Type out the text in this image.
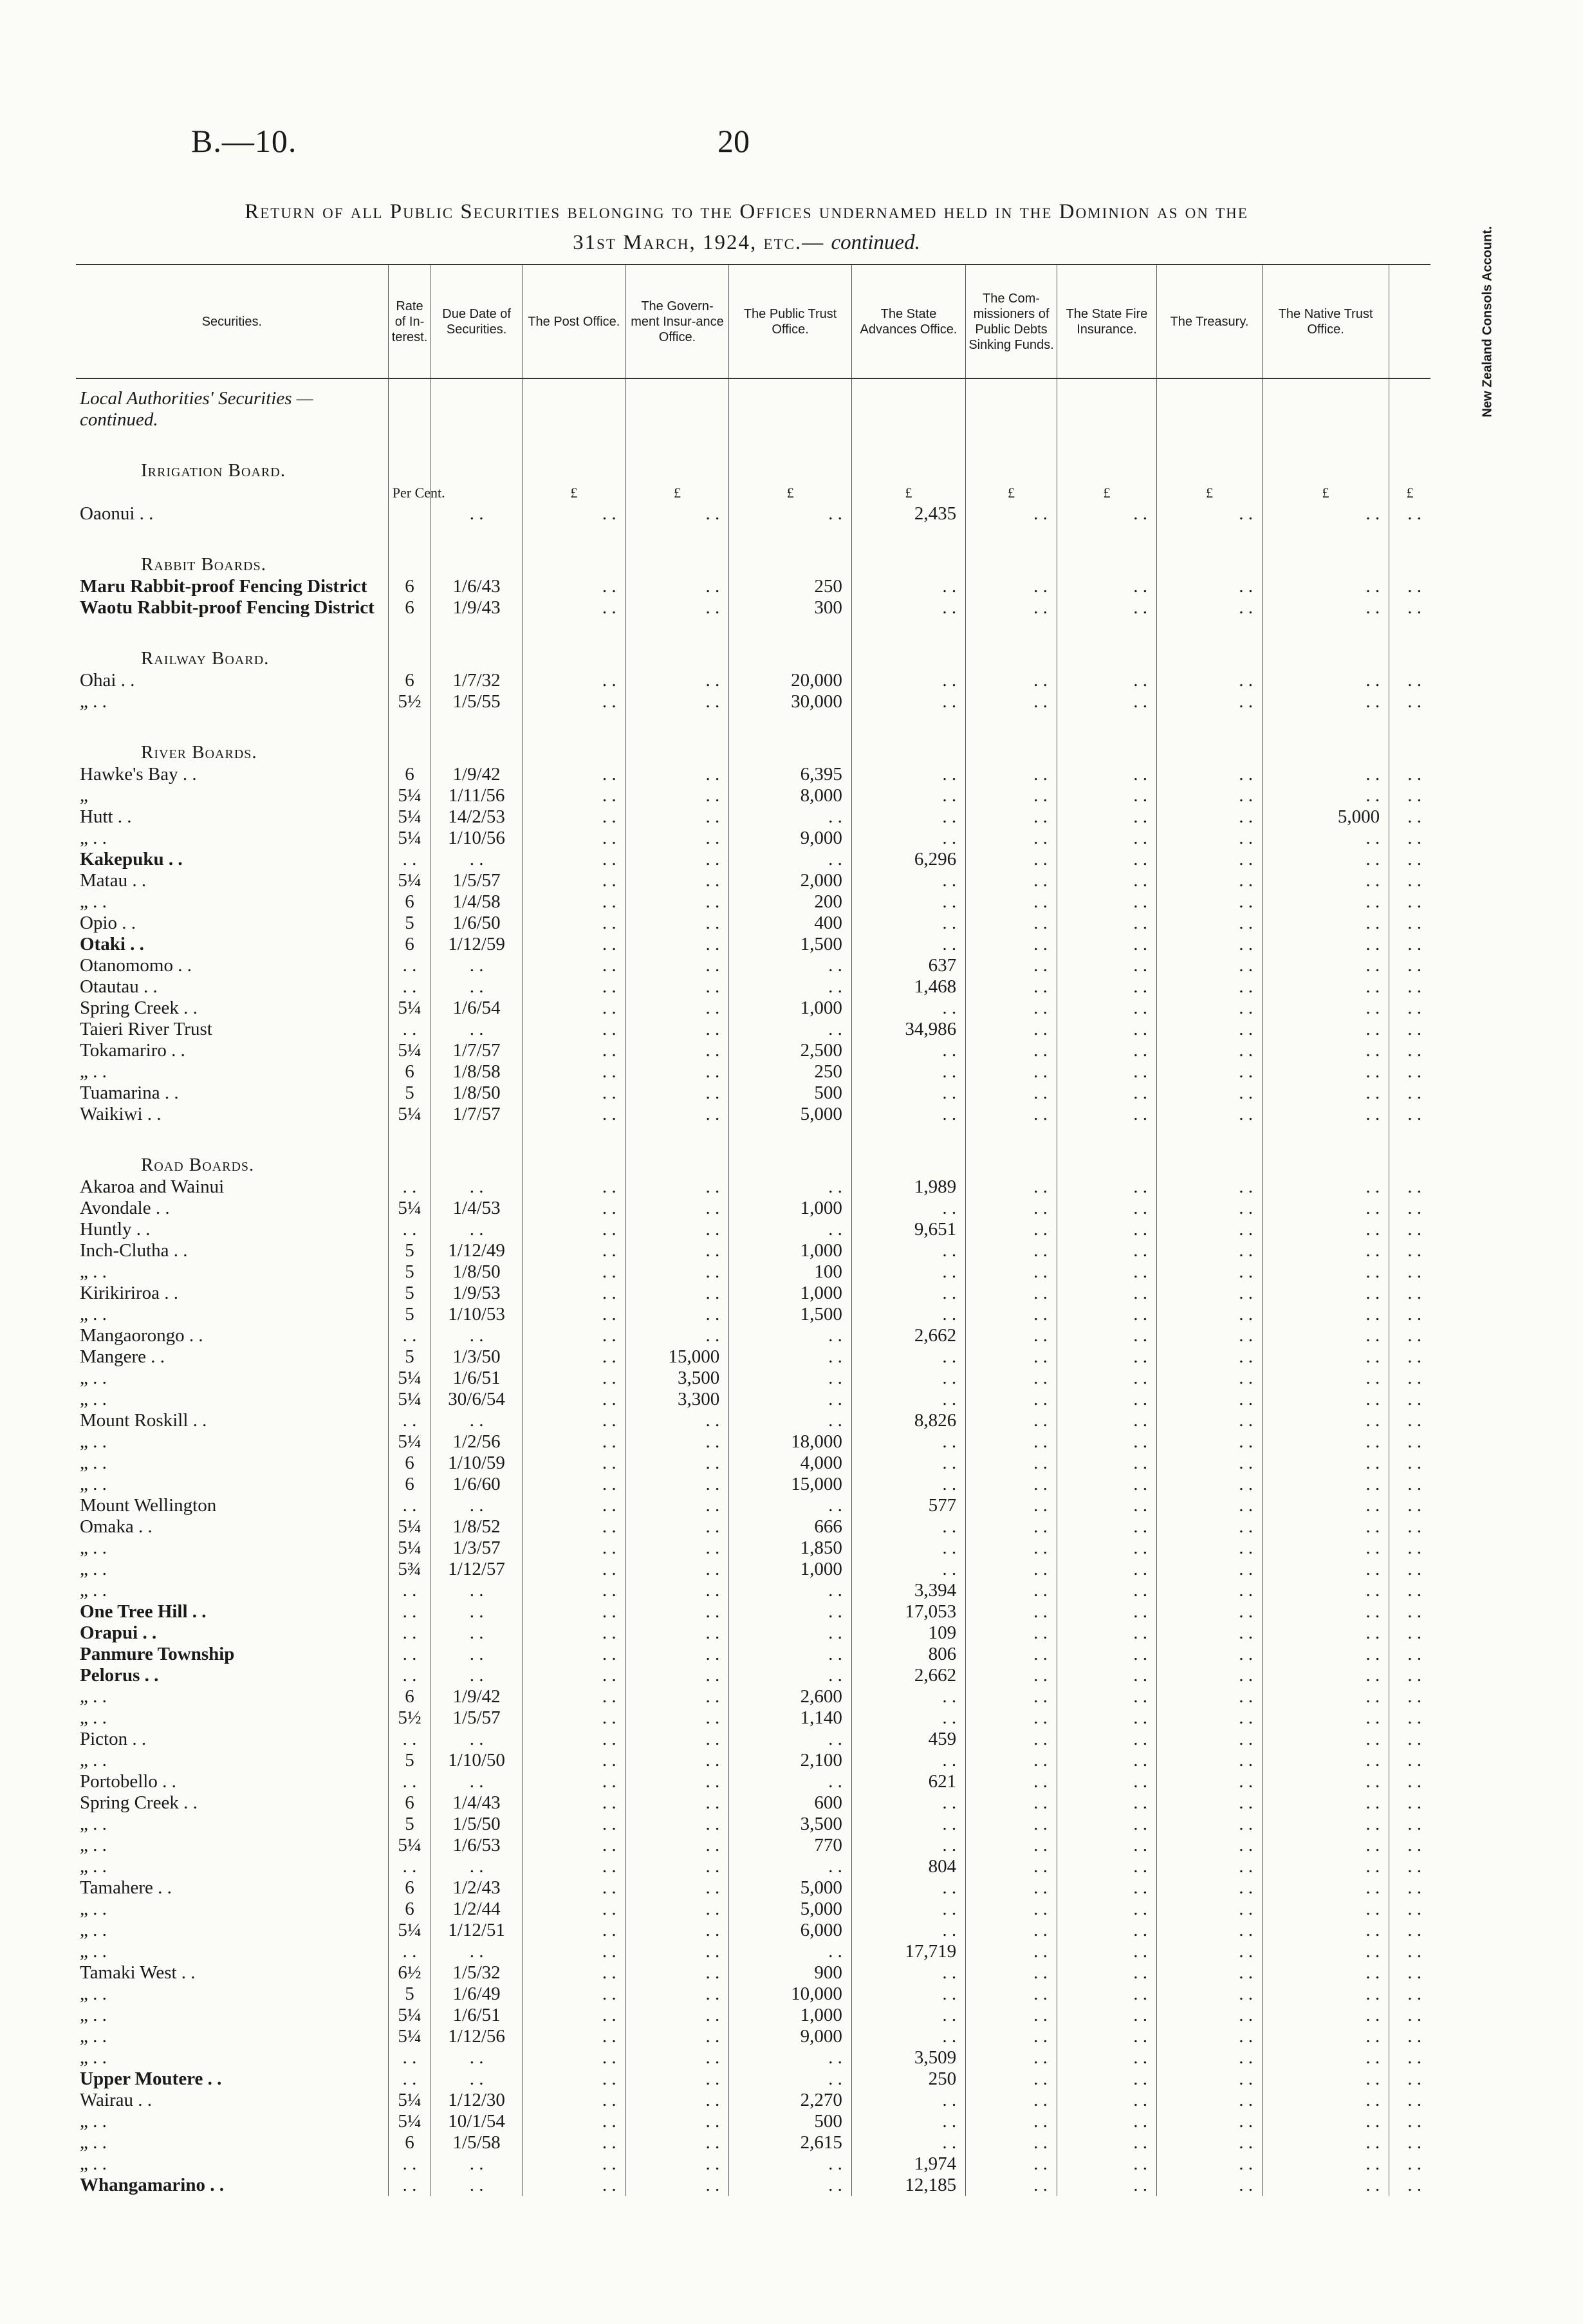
B.—10.	20
Return of all Public Securities belonging to the Offices undernamed held in the Dominion as on the
31st March, 1924, etc.— continued.
Securities.	Rate of In-terest.	Due Date of Securities.	The Post Office.	The Govern-ment Insur-ance Office.	The Public Trust Office.	The State Advances Office.	The Com-missioners of Public Debts Sinking Funds.	The State Fire Insurance.	The Treasury.	The Native Trust Office.	New Zealand Consols Account.
Local Authorities' Securities —continued.											

Irrigation Board.											

	Per Cent.		£	£	£	£	£	£	£	£	£
Oaonui . .		. .	. .	. .	. .	2,435	. .	. .	. .	. .	. .

Rabbit Boards.											

Maru Rabbit-proof Fencing District	6	1/6/43	. .	. .	250	. .	. .	. .	. .	. .	. .
Waotu Rabbit-proof Fencing District	6	1/9/43	. .	. .	300	. .	. .	. .	. .	. .	. .

Railway Board.											

Ohai . .	6	1/7/32	. .	. .	20,000	. .	. .	. .	. .	. .	. .
„ . .	5½	1/5/55	. .	. .	30,000	. .	. .	. .	. .	. .	. .

River Boards.											

Hawke's Bay . .	6	1/9/42	. .	. .	6,395	. .	. .	. .	. .	. .	. .
„	5¼	1/11/56	. .	. .	8,000	. .	. .	. .	. .	. .	. .
Hutt . .	5¼	14/2/53	. .	. .	. .	. .	. .	. .	. .	5,000	. .
„ . .	5¼	1/10/56	. .	. .	9,000	. .	. .	. .	. .	. .	. .
Kakepuku . .	. .	. .	. .	. .	. .	6,296	. .	. .	. .	. .	. .
Matau . .	5¼	1/5/57	. .	. .	2,000	. .	. .	. .	. .	. .	. .
„ . .	6	1/4/58	. .	. .	200	. .	. .	. .	. .	. .	. .
Opio . .	5	1/6/50	. .	. .	400	. .	. .	. .	. .	. .	. .
Otaki . .	6	1/12/59	. .	. .	1,500	. .	. .	. .	. .	. .	. .
Otanomomo . .	. .	. .	. .	. .	. .	637	. .	. .	. .	. .	. .
Otautau . .	. .	. .	. .	. .	. .	1,468	. .	. .	. .	. .	. .
Spring Creek . .	5¼	1/6/54	. .	. .	1,000	. .	. .	. .	. .	. .	. .
Taieri River Trust	. .	. .	. .	. .	. .	34,986	. .	. .	. .	. .	. .
Tokamariro . .	5¼	1/7/57	. .	. .	2,500	. .	. .	. .	. .	. .	. .
„ . .	6	1/8/58	. .	. .	250	. .	. .	. .	. .	. .	. .
Tuamarina . .	5	1/8/50	. .	. .	500	. .	. .	. .	. .	. .	. .
Waikiwi . .	5¼	1/7/57	. .	. .	5,000	. .	. .	. .	. .	. .	. .

Road Boards.											

Akaroa and Wainui	. .	. .	. .	. .	. .	1,989	. .	. .	. .	. .	. .
Avondale . .	5¼	1/4/53	. .	. .	1,000	. .	. .	. .	. .	. .	. .
Huntly . .	. .	. .	. .	. .	. .	9,651	. .	. .	. .	. .	. .
Inch-Clutha . .	5	1/12/49	. .	. .	1,000	. .	. .	. .	. .	. .	. .
„ . .	5	1/8/50	. .	. .	100	. .	. .	. .	. .	. .	. .
Kirikiriroa . .	5	1/9/53	. .	. .	1,000	. .	. .	. .	. .	. .	. .
„ . .	5	1/10/53	. .	. .	1,500	. .	. .	. .	. .	. .	. .
Mangaorongo . .	. .	. .	. .	. .	. .	2,662	. .	. .	. .	. .	. .
Mangere . .	5	1/3/50	. .	15,000	. .	. .	. .	. .	. .	. .	. .
„ . .	5¼	1/6/51	. .	3,500	. .	. .	. .	. .	. .	. .	. .
„ . .	5¼	30/6/54	. .	3,300	. .	. .	. .	. .	. .	. .	. .
Mount Roskill . .	. .	. .	. .	. .	. .	8,826	. .	. .	. .	. .	. .
„ . .	5¼	1/2/56	. .	. .	18,000	. .	. .	. .	. .	. .	. .
„ . .	6	1/10/59	. .	. .	4,000	. .	. .	. .	. .	. .	. .
„ . .	6	1/6/60	. .	. .	15,000	. .	. .	. .	. .	. .	. .
Mount Wellington	. .	. .	. .	. .	. .	577	. .	. .	. .	. .	. .
Omaka . .	5¼	1/8/52	. .	. .	666	. .	. .	. .	. .	. .	. .
„ . .	5¼	1/3/57	. .	. .	1,850	. .	. .	. .	. .	. .	. .
„ . .	5¾	1/12/57	. .	. .	1,000	. .	. .	. .	. .	. .	. .
„ . .	. .	. .	. .	. .	. .	3,394	. .	. .	. .	. .	. .
One Tree Hill . .	. .	. .	. .	. .	. .	17,053	. .	. .	. .	. .	. .
Orapui . .	. .	. .	. .	. .	. .	109	. .	. .	. .	. .	. .
Panmure Township	. .	. .	. .	. .	. .	806	. .	. .	. .	. .	. .
Pelorus . .	. .	. .	. .	. .	. .	2,662	. .	. .	. .	. .	. .
„ . .	6	1/9/42	. .	. .	2,600	. .	. .	. .	. .	. .	. .
„ . .	5½	1/5/57	. .	. .	1,140	. .	. .	. .	. .	. .	. .
Picton . .	. .	. .	. .	. .	. .	459	. .	. .	. .	. .	. .
„ . .	5	1/10/50	. .	. .	2,100	. .	. .	. .	. .	. .	. .
Portobello . .	. .	. .	. .	. .	. .	621	. .	. .	. .	. .	. .
Spring Creek . .	6	1/4/43	. .	. .	600	. .	. .	. .	. .	. .	. .
„ . .	5	1/5/50	. .	. .	3,500	. .	. .	. .	. .	. .	. .
„ . .	5¼	1/6/53	. .	. .	770	. .	. .	. .	. .	. .	. .
„ . .	. .	. .	. .	. .	. .	804	. .	. .	. .	. .	. .
Tamahere . .	6	1/2/43	. .	. .	5,000	. .	. .	. .	. .	. .	. .
„ . .	6	1/2/44	. .	. .	5,000	. .	. .	. .	. .	. .	. .
„ . .	5¼	1/12/51	. .	. .	6,000	. .	. .	. .	. .	. .	. .
„ . .	. .	. .	. .	. .	. .	17,719	. .	. .	. .	. .	. .
Tamaki West . .	6½	1/5/32	. .	. .	900	. .	. .	. .	. .	. .	. .
„ . .	5	1/6/49	. .	. .	10,000	. .	. .	. .	. .	. .	. .
„ . .	5¼	1/6/51	. .	. .	1,000	. .	. .	. .	. .	. .	. .
„ . .	5¼	1/12/56	. .	. .	9,000	. .	. .	. .	. .	. .	. .
„ . .	. .	. .	. .	. .	. .	3,509	. .	. .	. .	. .	. .
Upper Moutere . .	. .	. .	. .	. .	. .	250	. .	. .	. .	. .	. .
Wairau . .	5¼	1/12/30	. .	. .	2,270	. .	. .	. .	. .	. .	. .
„ . .	5¼	10/1/54	. .	. .	500	. .	. .	. .	. .	. .	. .
„ . .	6	1/5/58	. .	. .	2,615	. .	. .	. .	. .	. .	. .
„ . .	. .	. .	. .	. .	. .	1,974	. .	. .	. .	. .	. .
Whangamarino . .	. .	. .	. .	. .	. .	12,185	. .	. .	. .	. .	. .
